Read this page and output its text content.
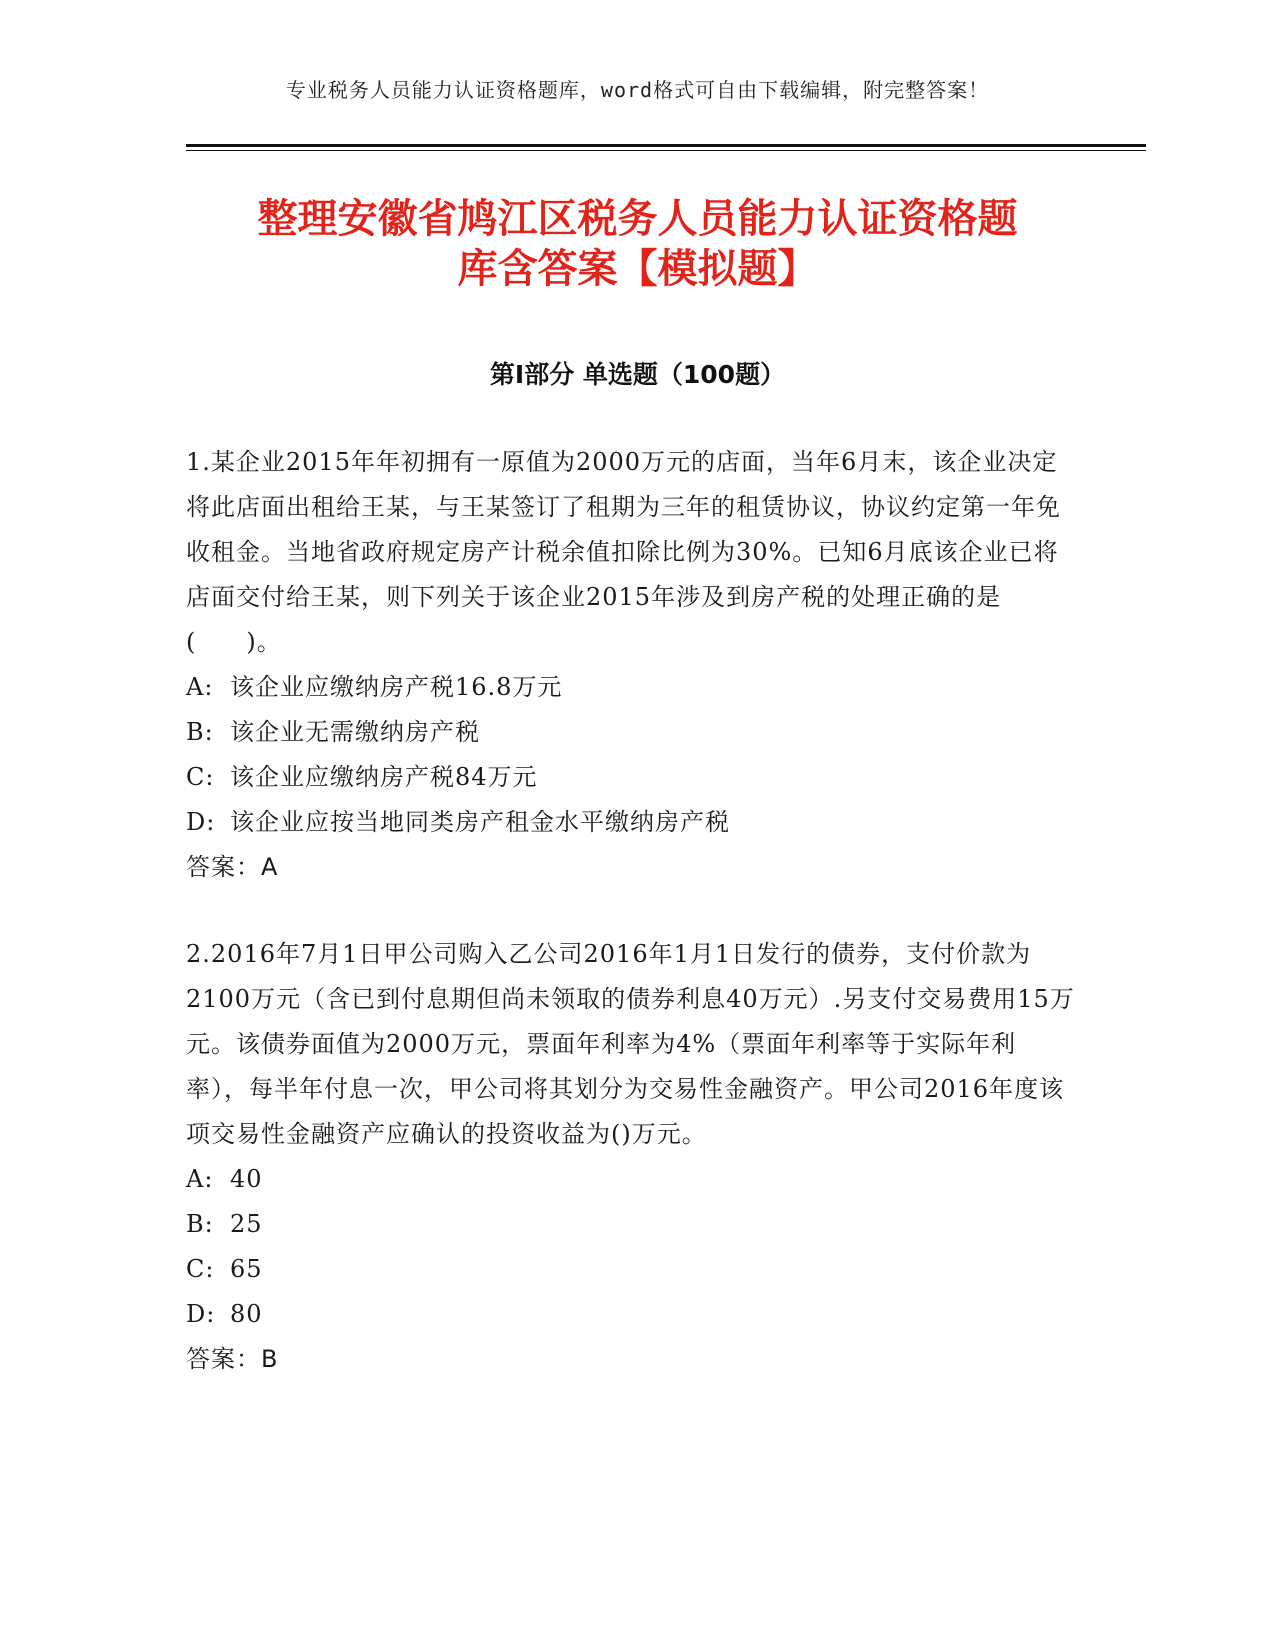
专业税务人员能力认证资格题库，word格式可自由下载编辑，附完整答案！
整理安徽省鸠江区税务人员能力认证资格题
库含答案【模拟题】
第Ⅰ部分 单选题（100题）

1.某企业2015年年初拥有一原值为2000万元的店面，当年6月末，该企业决定将此店面出租给王某，与王某签订了租期为三年的租赁协议，协议约定第一年免收租金。当地省政府规定房产计税余值扣除比例为30%。已知6月底该企业已将店面交付给王某，则下列关于该企业2015年涉及到房产税的处理正确的是(　　)。

A: 该企业应缴纳房产税16.8万元
B: 该企业无需缴纳房产税
C: 该企业应缴纳房产税84万元
D: 该企业应按当地同类房产租金水平缴纳房产税

答案：A

2.2016年7月1日甲公司购入乙公司2016年1月1日发行的债券，支付价款为2100万元（含已到付息期但尚未领取的债券利息40万元）.另支付交易费用15万元。该债券面值为2000万元，票面年利率为4%（票面年利率等于实际年利率），每半年付息一次，甲公司将其划分为交易性金融资产。甲公司2016年度该项交易性金融资产应确认的投资收益为()万元。

A: 40
B: 25
C: 65
D: 80

答案：B
